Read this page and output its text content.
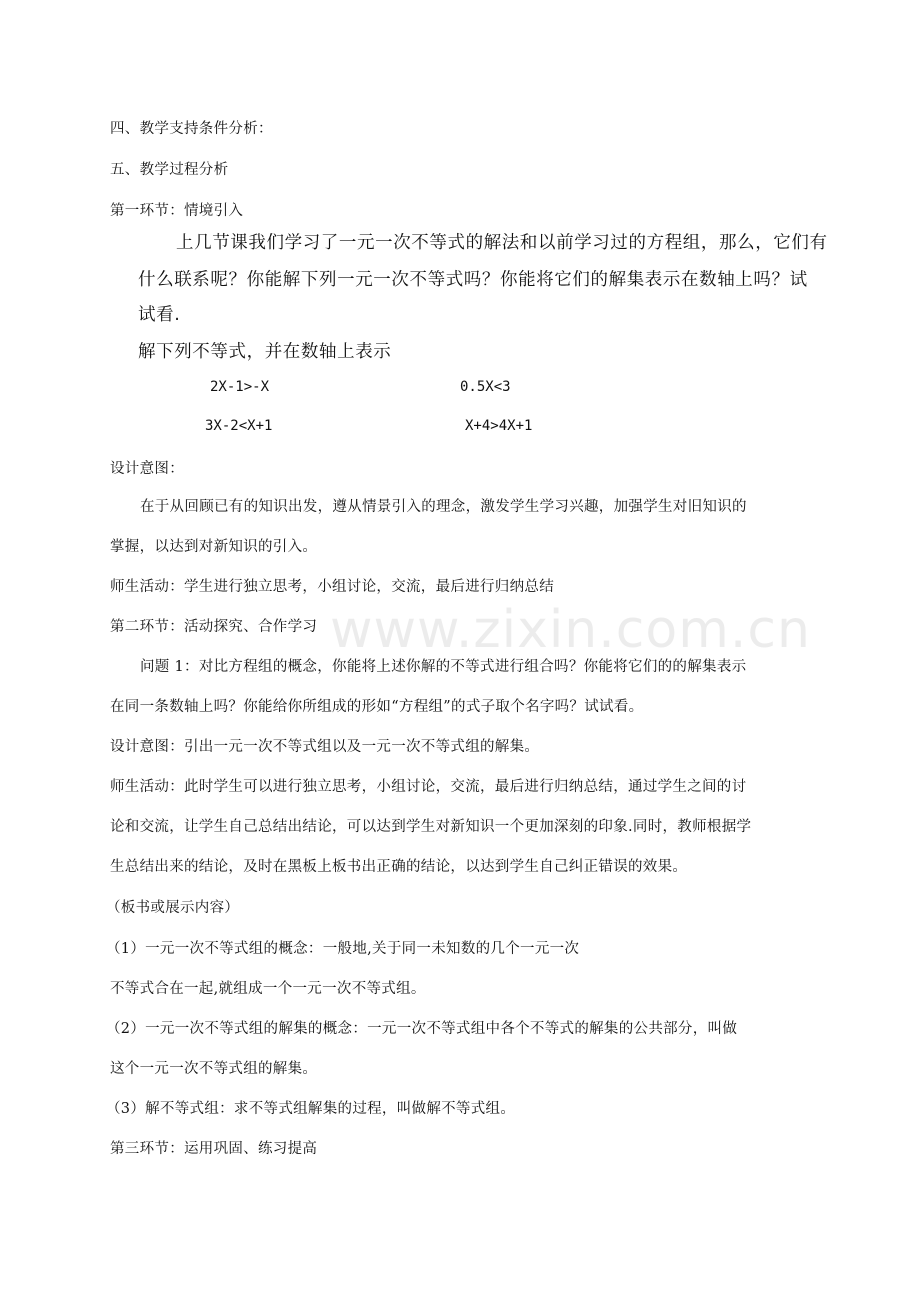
www.zixin.com.cn
四、教学支持条件分析：
五、教学过程分析
第一环节：情境引入
上几节课我们学习了一元一次不等式的解法和以前学习过的方程组，那么，它们有
什么联系呢？你能解下列一元一次不等式吗？你能将它们的解集表示在数轴上吗？试
试看.
解下列不等式，并在数轴上表示
2X-1>-X	0.5X<3
3X-2<X+1	X+4>4X+1
设计意图：
在于从回顾已有的知识出发，遵从情景引入的理念，激发学生学习兴趣，加强学生对旧知识的
掌握，以达到对新知识的引入。
师生活动：学生进行独立思考，小组讨论，交流，最后进行归纳总结
第二环节：活动探究、合作学习
问题 1：对比方程组的概念，你能将上述你解的不等式进行组合吗？你能将它们的的解集表示
在同一条数轴上吗？你能给你所组成的形如“方程组”的式子取个名字吗？试试看。
设计意图：引出一元一次不等式组以及一元一次不等式组的解集。
师生活动：此时学生可以进行独立思考，小组讨论，交流，最后进行归纳总结，通过学生之间的讨
论和交流，让学生自己总结出结论，可以达到学生对新知识一个更加深刻的印象.同时，教师根据学
生总结出来的结论，及时在黑板上板书出正确的结论，以达到学生自己纠正错误的效果。
（板书或展示内容）
（1）一元一次不等式组的概念：一般地,关于同一未知数的几个一元一次
不等式合在一起,就组成一个一元一次不等式组。
（2）一元一次不等式组的解集的概念：一元一次不等式组中各个不等式的解集的公共部分，叫做
这个一元一次不等式组的解集。
（3）解不等式组：求不等式组解集的过程，叫做解不等式组。
第三环节：运用巩固、练习提高
